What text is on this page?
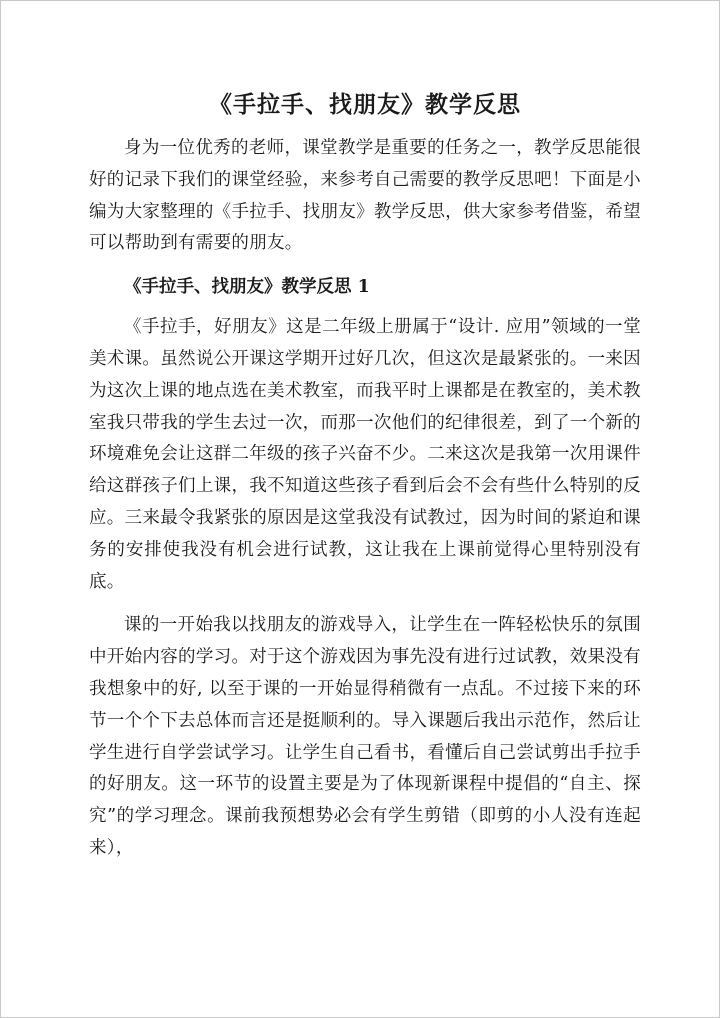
《手拉手、找朋友》教学反思

身为一位优秀的老师，课堂教学是重要的任务之一，教学反思能很好的记录下我们的课堂经验，来参考自己需要的教学反思吧！下面是小编为大家整理的《手拉手、找朋友》教学反思，供大家参考借鉴，希望可以帮助到有需要的朋友。

《手拉手、找朋友》教学反思 1

《手拉手，好朋友》这是二年级上册属于“设计. 应用”领域的一堂美术课。虽然说公开课这学期开过好几次，但这次是最紧张的。一来因为这次上课的地点选在美术教室，而我平时上课都是在教室的，美术教室我只带我的学生去过一次，而那一次他们的纪律很差，到了一个新的环境难免会让这群二年级的孩子兴奋不少。二来这次是我第一次用课件给这群孩子们上课，我不知道这些孩子看到后会不会有些什么特别的反应。三来最令我紧张的原因是这堂我没有试教过，因为时间的紧迫和课务的安排使我没有机会进行试教，这让我在上课前觉得心里特别没有底。

课的一开始我以找朋友的游戏导入，让学生在一阵轻松快乐的氛围中开始内容的学习。对于这个游戏因为事先没有进行过试教，效果没有我想象中的好, 以至于课的一开始显得稍微有一点乱。不过接下来的环节一个个下去总体而言还是挺顺利的。导入课题后我出示范作，然后让学生进行自学尝试学习。让学生自己看书，看懂后自己尝试剪出手拉手的好朋友。这一环节的设置主要是为了体现新课程中提倡的“自主、探究”的学习理念。课前我预想势必会有学生剪错（即剪的小人没有连起来），
